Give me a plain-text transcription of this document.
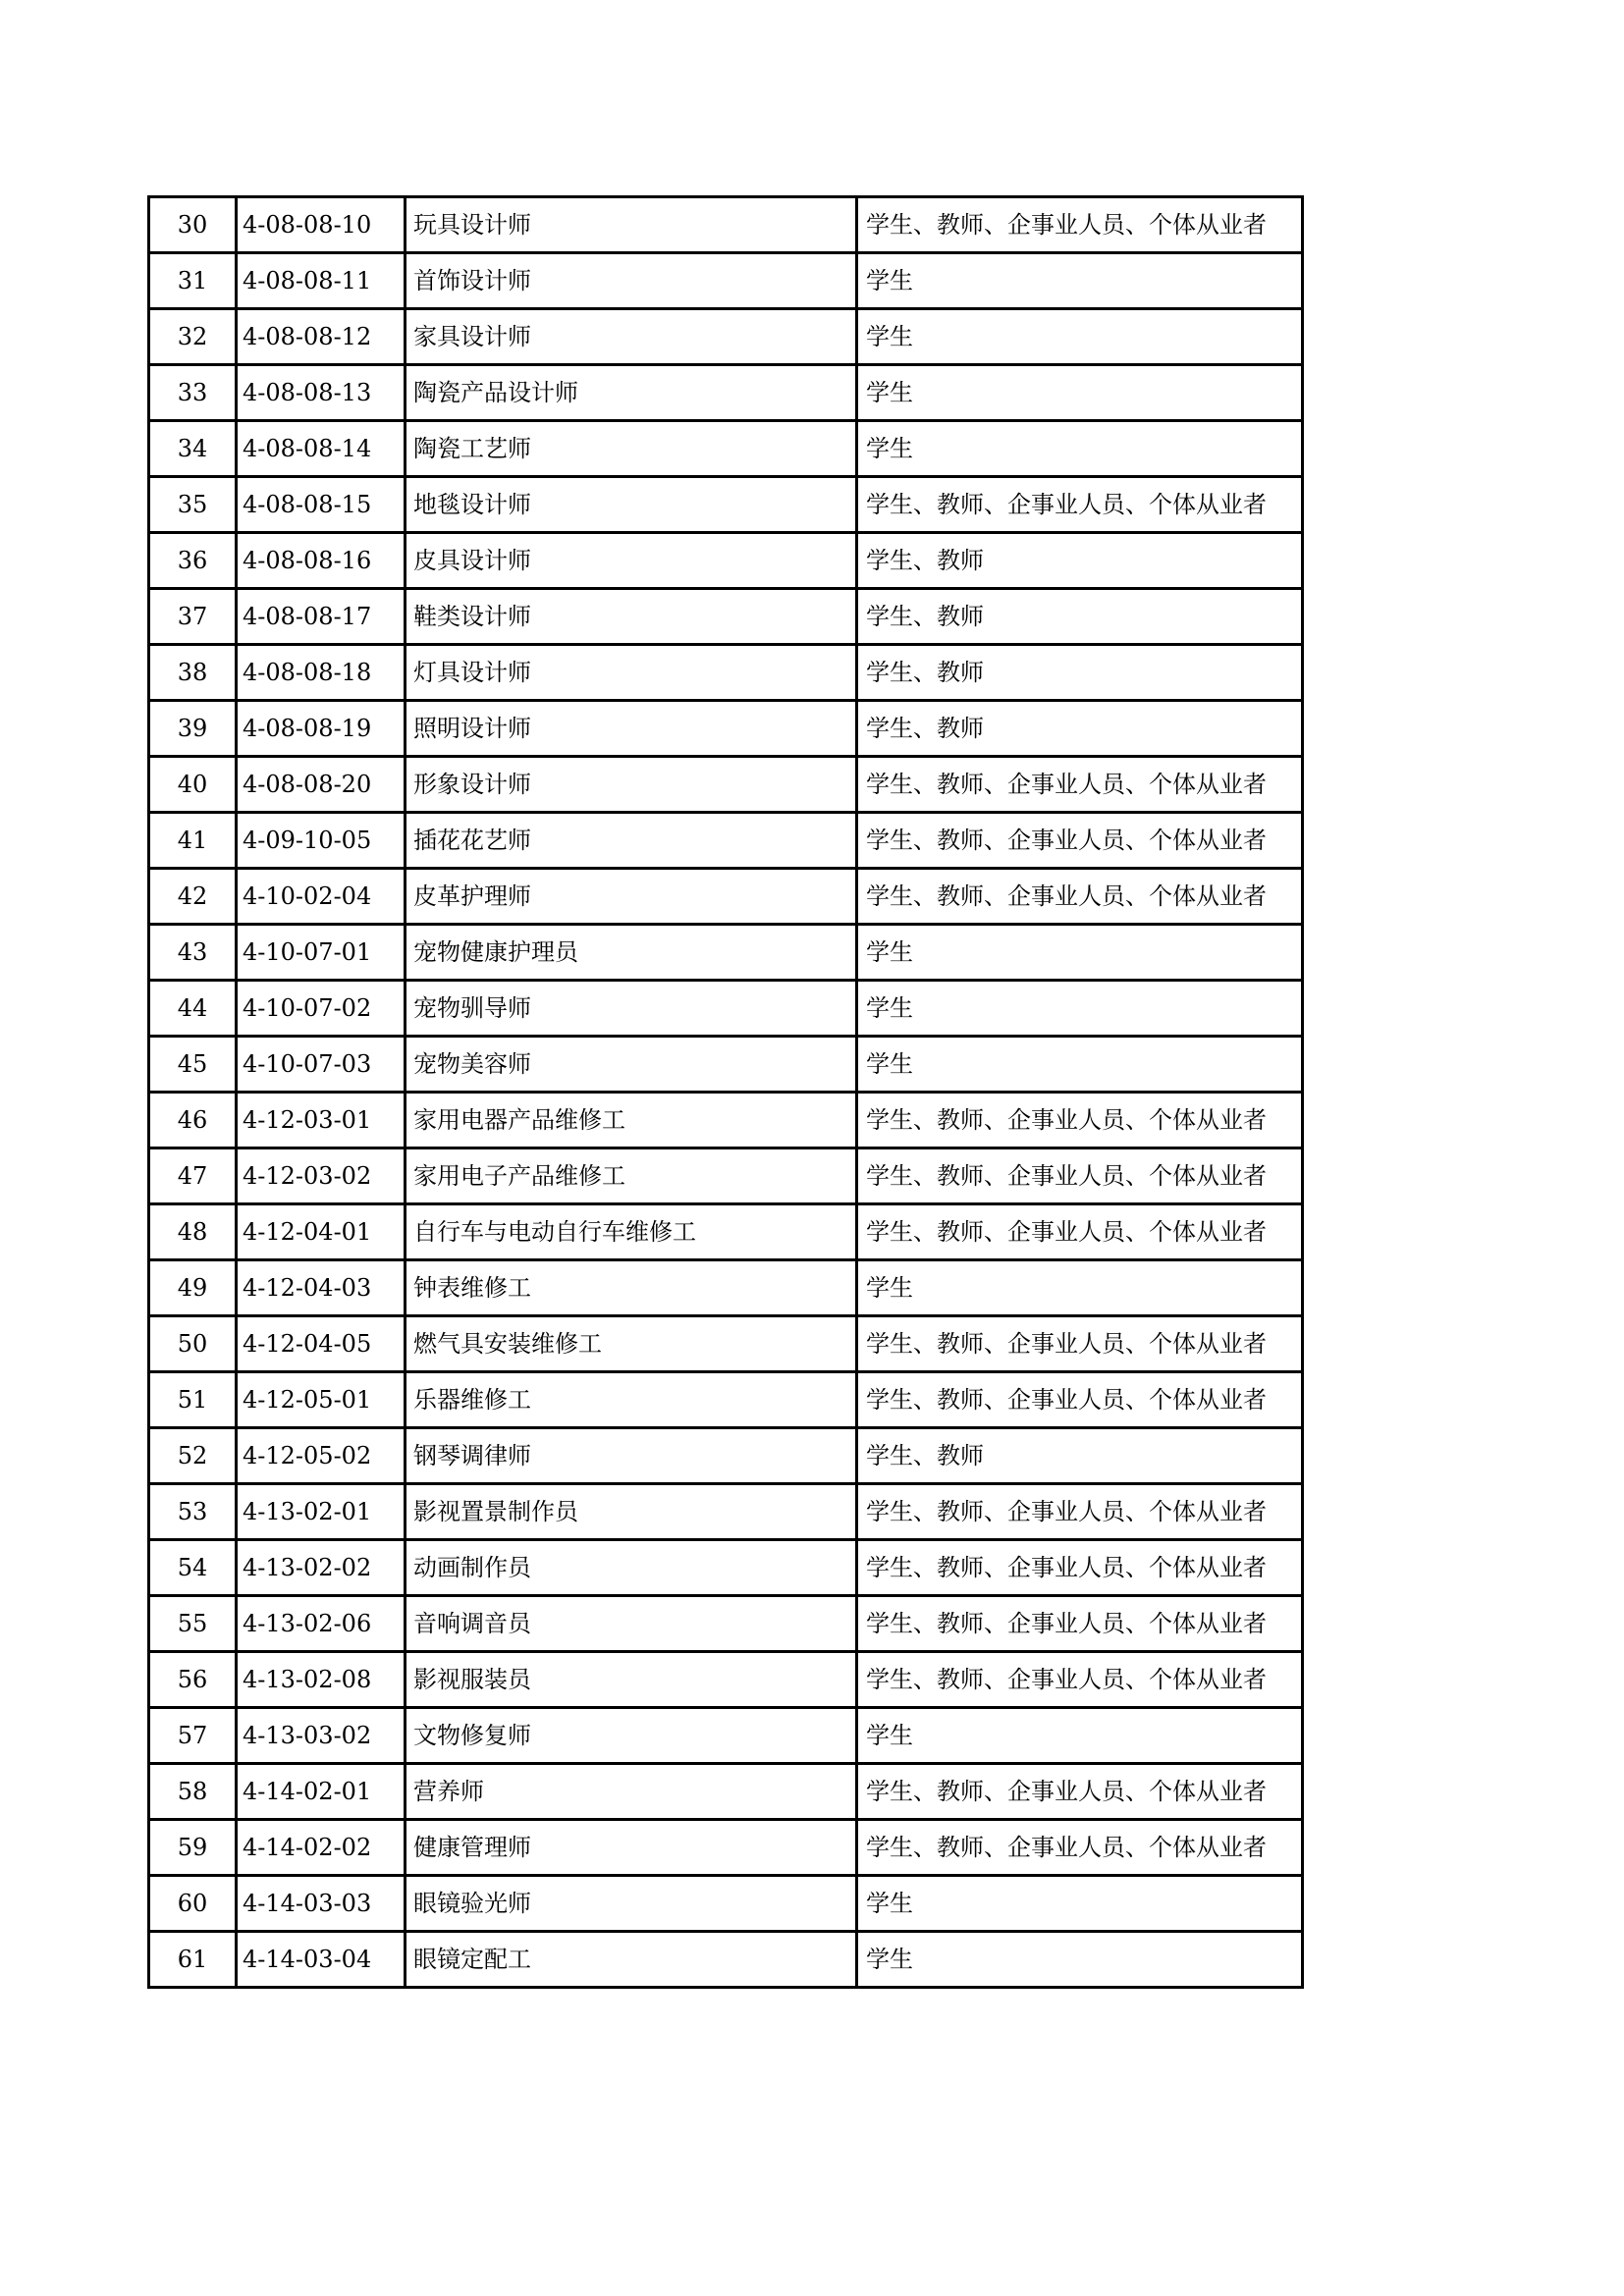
30	4-08-08-10	玩具设计师	学生、教师、企事业人员、个体从业者
31	4-08-08-11	首饰设计师	学生
32	4-08-08-12	家具设计师	学生
33	4-08-08-13	陶瓷产品设计师	学生
34	4-08-08-14	陶瓷工艺师	学生
35	4-08-08-15	地毯设计师	学生、教师、企事业人员、个体从业者
36	4-08-08-16	皮具设计师	学生、教师
37	4-08-08-17	鞋类设计师	学生、教师
38	4-08-08-18	灯具设计师	学生、教师
39	4-08-08-19	照明设计师	学生、教师
40	4-08-08-20	形象设计师	学生、教师、企事业人员、个体从业者
41	4-09-10-05	插花花艺师	学生、教师、企事业人员、个体从业者
42	4-10-02-04	皮革护理师	学生、教师、企事业人员、个体从业者
43	4-10-07-01	宠物健康护理员	学生
44	4-10-07-02	宠物驯导师	学生
45	4-10-07-03	宠物美容师	学生
46	4-12-03-01	家用电器产品维修工	学生、教师、企事业人员、个体从业者
47	4-12-03-02	家用电子产品维修工	学生、教师、企事业人员、个体从业者
48	4-12-04-01	自行车与电动自行车维修工	学生、教师、企事业人员、个体从业者
49	4-12-04-03	钟表维修工	学生
50	4-12-04-05	燃气具安装维修工	学生、教师、企事业人员、个体从业者
51	4-12-05-01	乐器维修工	学生、教师、企事业人员、个体从业者
52	4-12-05-02	钢琴调律师	学生、教师
53	4-13-02-01	影视置景制作员	学生、教师、企事业人员、个体从业者
54	4-13-02-02	动画制作员	学生、教师、企事业人员、个体从业者
55	4-13-02-06	音响调音员	学生、教师、企事业人员、个体从业者
56	4-13-02-08	影视服装员	学生、教师、企事业人员、个体从业者
57	4-13-03-02	文物修复师	学生
58	4-14-02-01	营养师	学生、教师、企事业人员、个体从业者
59	4-14-02-02	健康管理师	学生、教师、企事业人员、个体从业者
60	4-14-03-03	眼镜验光师	学生
61	4-14-03-04	眼镜定配工	学生
